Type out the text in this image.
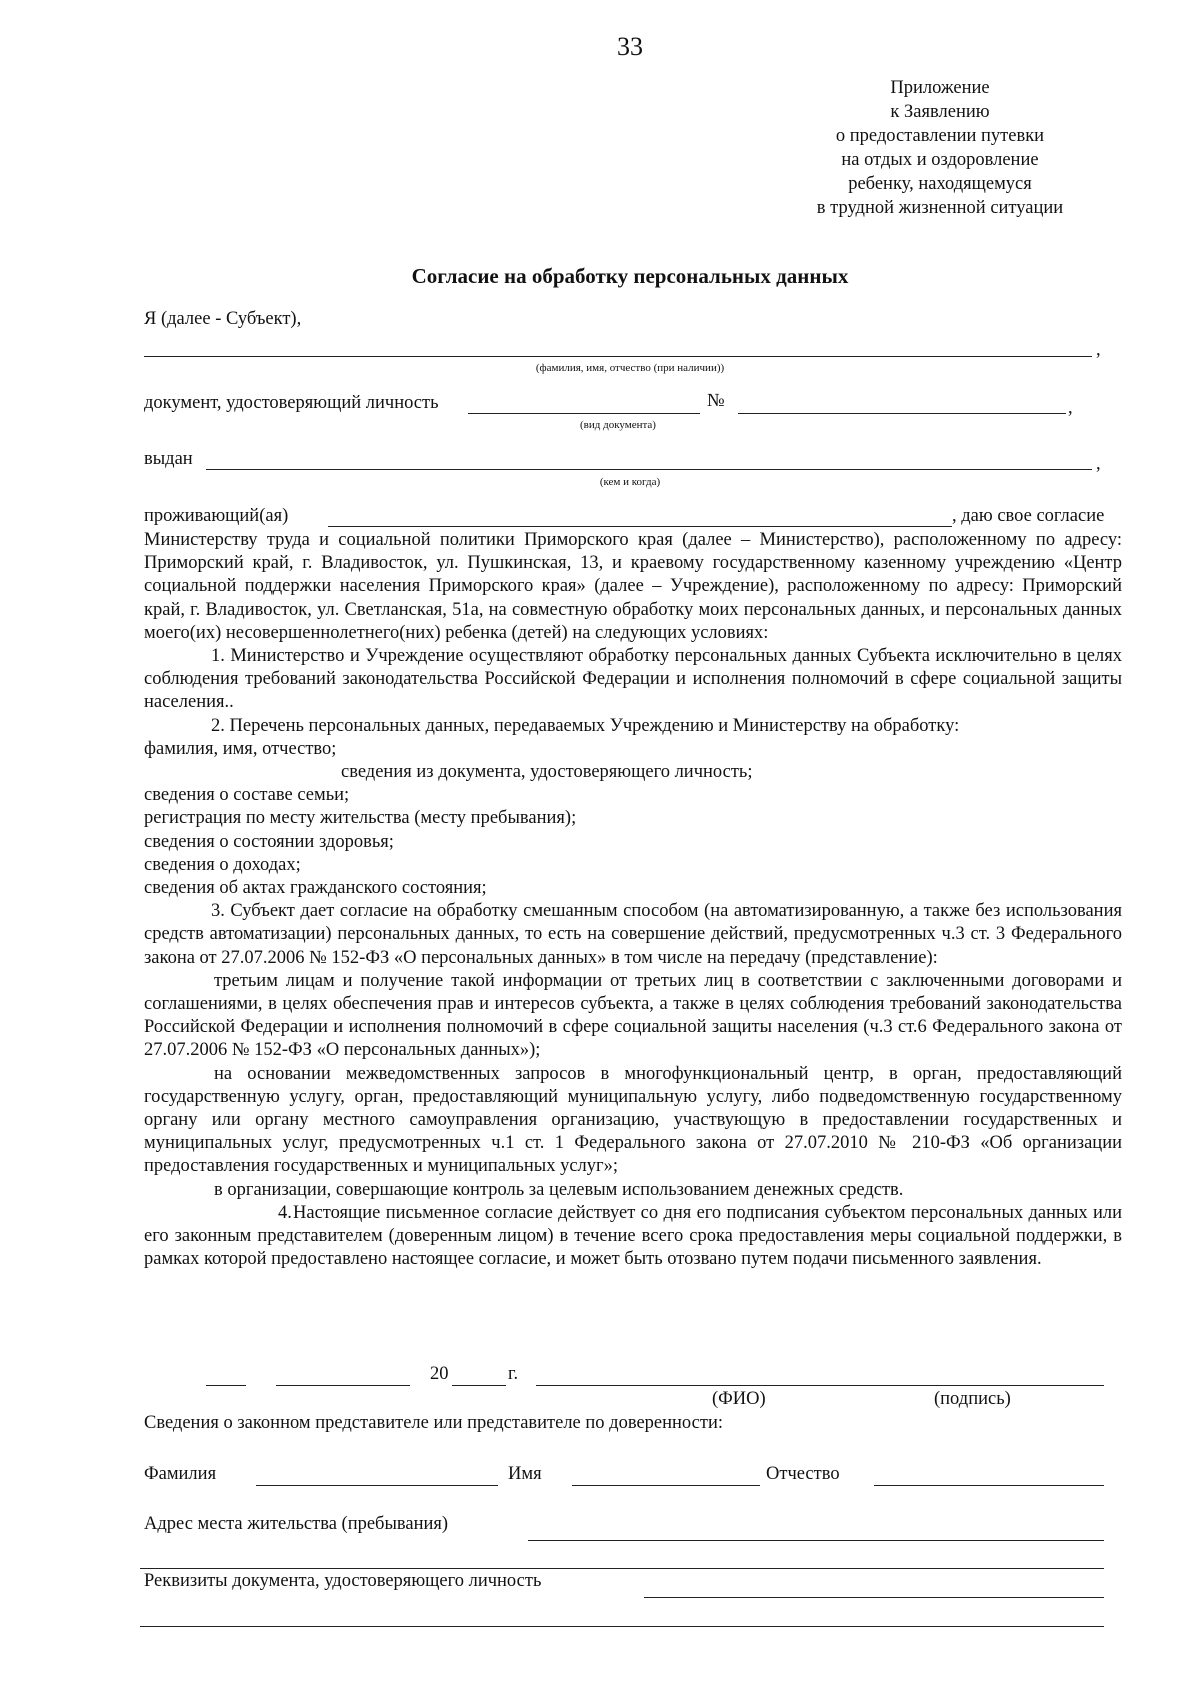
33
Приложение
к Заявлению
о предоставлении путевки
на отдых и оздоровление
ребенку, находящемуся
в трудной жизненной ситуации
Согласие на обработку персональных данных
Я (далее - Субъект),
,
(фамилия, имя, отчество (при наличии))
документ, удостоверяющий личность	№	,
(вид документа)
выдан	,
(кем и когда)
проживающий(ая)	, даю свое согласие

Министерству труда и социальной политики Приморского края (далее – Министерство), расположенному по адресу: Приморский край, г. Владивосток, ул. Пушкинская, 13, и краевому государственному казенному учреждению «Центр социальной поддержки населения Приморского края» (далее – Учреждение), расположенному по адресу: Приморский край, г. Владивосток, ул. Светланская, 51а, на совместную обработку моих персональных данных, и персональных данных моего(их) несовершеннолетнего(них) ребенка (детей) на следующих условиях:

1. Министерство и Учреждение осуществляют обработку персональных данных Субъекта исключительно в целях соблюдения требований законодательства Российской Федерации и исполнения полномочий в сфере социальной защиты населения..

2. Перечень персональных данных, передаваемых Учреждению и Министерству на обработку:

фамилия, имя, отчество;

сведения из документа, удостоверяющего личность;

сведения о составе семьи;

регистрация по месту жительства (месту пребывания);

сведения о состоянии здоровья;

сведения о доходах;

сведения об актах гражданского состояния;

3. Субъект дает согласие на обработку смешанным способом (на автоматизированную, а также без использования средств автоматизации) персональных данных, то есть на совершение действий, предусмотренных ч.3 ст. 3 Федерального закона от 27.07.2006 № 152-ФЗ «О персональных данных» в том числе на передачу (представление):

третьим лицам и получение такой информации от третьих лиц в соответствии с заключенными договорами и соглашениями, в целях обеспечения прав и интересов субъекта, а также в целях соблюдения требований законодательства Российской Федерации и исполнения полномочий в сфере социальной защиты населения (ч.3 ст.6 Федерального закона от 27.07.2006 № 152-ФЗ «О персональных данных»);

на основании межведомственных запросов в многофункциональный центр, в орган, предоставляющий государственную услугу, орган, предоставляющий муниципальную услугу, либо подведомственную государственному органу или органу местного самоуправления организацию, участвующую в предоставлении государственных и муниципальных услуг, предусмотренных ч.1 ст. 1 Федерального закона от 27.07.2010 № 210-ФЗ «Об организации предоставления государственных и муниципальных услуг»;

в организации, совершающие контроль за целевым использованием денежных средств.

4.Настоящие письменное согласие действует со дня его подписания субъектом персональных данных или его законным представителем (доверенным лицом) в течение всего срока предоставления меры социальной поддержки, в рамках которой предоставлено настоящее согласие, и может быть отозвано путем подачи письменного заявления.

20	г.
(ФИО)	(подпись)
Сведения о законном представителе или представителе по доверенности:
Фамилия	Имя	Отчество
Адрес места жительства (пребывания)
Реквизиты документа, удостоверяющего личность
